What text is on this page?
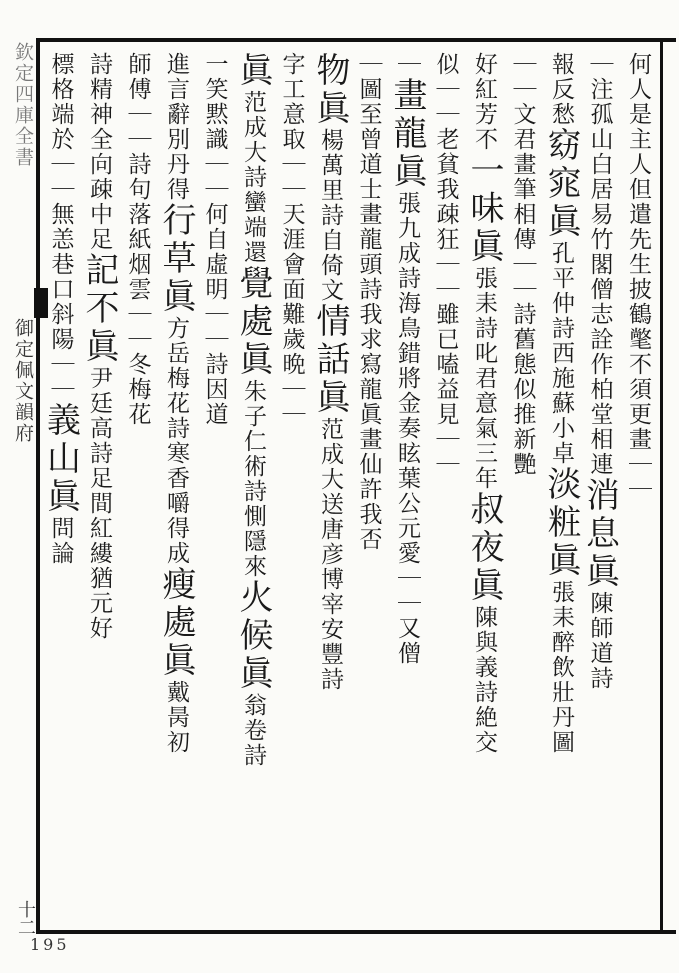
欽定四庫全書
御定佩文韻府
十二
195
何人是主人但遣先生披鶴氅不須更畫｜｜
｜注孤山白居易竹閣僧志詮作柏堂相連消息眞陳師道詩
報反愁窈窕眞孔平仲詩西施蘇小卓淡粧眞張耒醉飲壯丹圖
｜｜文君畫筆相傳｜｜詩舊態似推新艷
好紅芳不一味眞張耒詩叱君意氣三年叔夜眞陳與義詩絶交
似｜｜老貧我疎狂｜｜雖已嗑益見｜｜
｜畫龍眞張九成詩海鳥錯將金奏眩葉公元愛｜｜又僧
｜圖至曾道士畫龍頭詩我求寫龍眞畫仙許我否
物眞楊萬里詩自倚文情話眞范成大送唐彦博宰安豐詩
字工意取｜｜天涯會面難歲晩｜｜
眞范成大詩蠻端還覺處眞朱子仁術詩惻隱來火候眞翁卷詩
一笑黙識｜｜何自虛明｜｜詩因道
進言辭別丹得行草眞方岳梅花詩寒香嚼得成瘦處眞戴昺初
師傅｜｜詩句落紙烟雲｜｜冬梅花
詩精神全向疎中足記不眞尹廷高詩足間紅縷猶元好
標格端於｜｜無恙巷口斜陽｜｜義山眞問論
